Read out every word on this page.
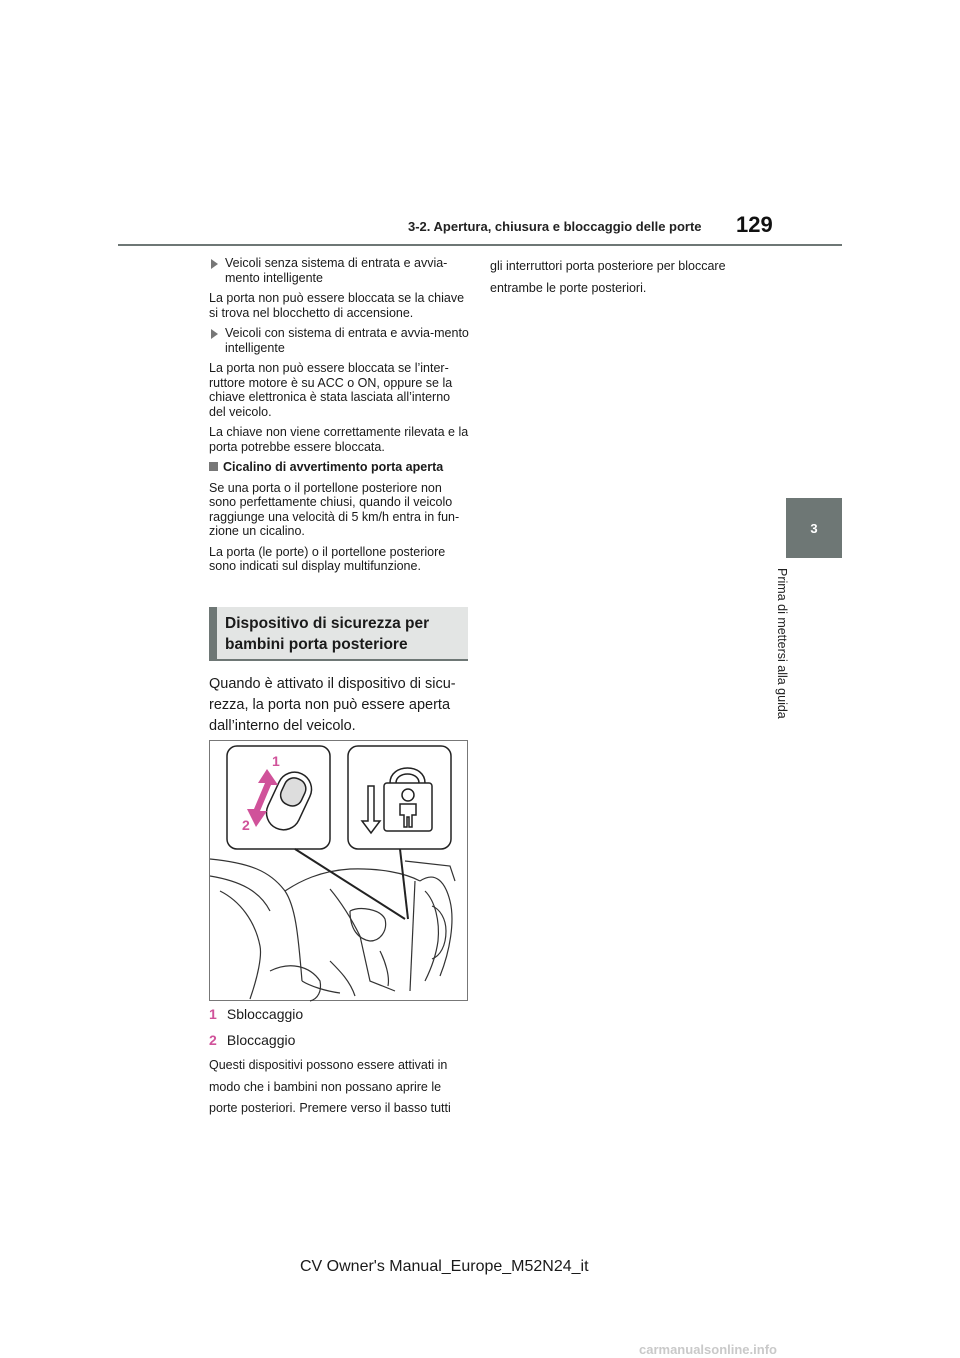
3-2. Apertura, chiusura e bloccaggio delle porte 129
3
Prima di mettersi alla guida
Veicoli senza sistema di entrata e avvia-mento intelligente

La porta non può essere bloccata se la chiave si trova nel blocchetto di accensione.

Veicoli con sistema di entrata e avvia-mento intelligente

La porta non può essere bloccata se l’inter-ruttore motore è su ACC o ON, oppure se la chiave elettronica è stata lasciata all’interno del veicolo.

La chiave non viene correttamente rilevata e la porta potrebbe essere bloccata.

Cicalino di avvertimento porta aperta

Se una porta o il portellone posteriore non sono perfettamente chiusi, quando il veicolo raggiunge una velocità di 5 km/h entra in fun-zione un cicalino.

La porta (le porte) o il portellone posteriore sono indicati sul display multifunzione.

gli interruttori porta posteriore per bloccare entrambe le porte posteriori.

Dispositivo di sicurezza per bambini porta posteriore
Quando è attivato il dispositivo di sicu-rezza, la porta non può essere aperta dall’interno del veicolo.
1
2
1 Sbloccaggio
2 Bloccaggio
Questi dispositivi possono essere attivati in modo che i bambini non possano aprire le porte posteriori. Premere verso il basso tutti
CV Owner's Manual_Europe_M52N24_it
carmanualsonline.info
